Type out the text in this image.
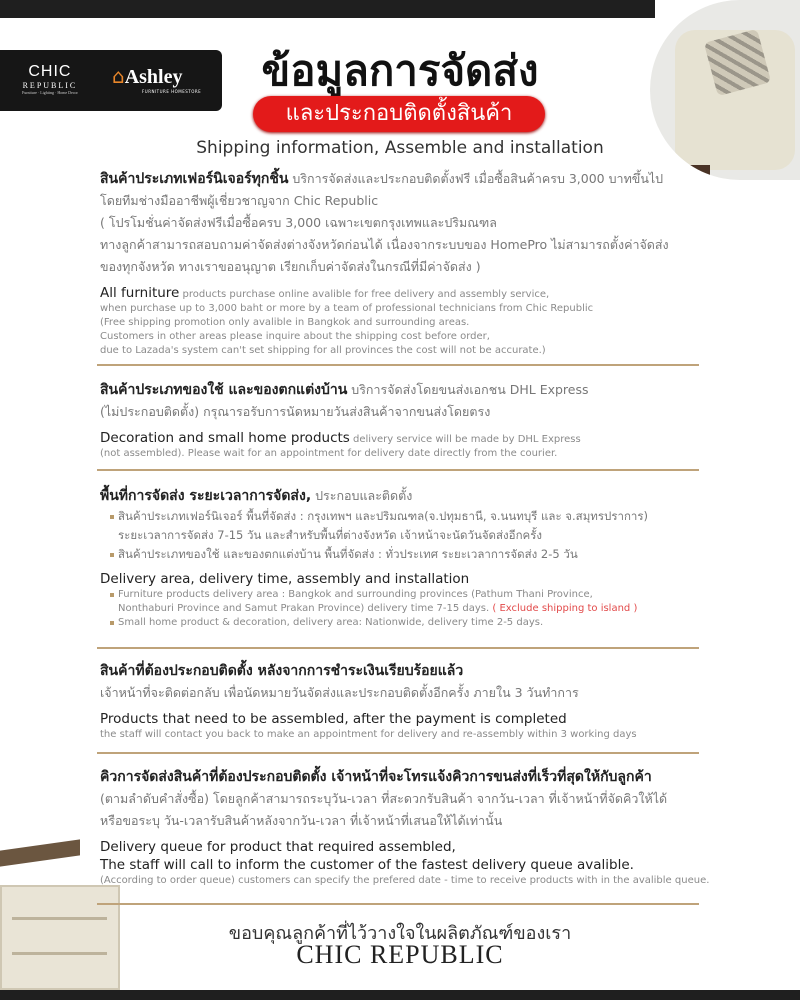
CHIC
REPUBLIC
Furniture · Lighting · Home Decor
⌂Ashley
FURNITURE HOMESTORE	ข้อมูลการจัดส่ง
และประกอบติดตั้งสินค้า
Shipping information, Assemble and installation
สินค้าประเภทเฟอร์นิเจอร์ทุกชิ้น บริการจัดส่งและประกอบติดตั้งฟรี เมื่อซื้อสินค้าครบ 3,000 บาทขึ้นไป
โดยทีมช่างมืออาชีพผู้เชี่ยวชาญจาก Chic Republic
( โปรโมชั่นค่าจัดส่งฟรีเมื่อซื้อครบ 3,000 เฉพาะเขตกรุงเทพและปริมณฑล
ทางลูกค้าสามารถสอบถามค่าจัดส่งต่างจังหวัดก่อนได้ เนื่องจากระบบของ HomePro ไม่สามารถตั้งค่าจัดส่ง
ของทุกจังหวัด ทางเราขออนุญาต เรียกเก็บค่าจัดส่งในกรณีที่มีค่าจัดส่ง )
All furniture products purchase online avalible for free delivery and assembly service,
when purchase up to 3,000 baht or more by a team of professional technicians from Chic Republic
(Free shipping promotion only avalible in Bangkok and surrounding areas.
Customers in other areas please inquire about the shipping cost before order,
due to Lazada's system can't set shipping for all provinces the cost will not be accurate.)
สินค้าประเภทของใช้ และของตกแต่งบ้าน บริการจัดส่งโดยขนส่งเอกชน DHL Express
(ไม่ประกอบติดตั้ง) กรุณารอรับการนัดหมายวันส่งสินค้าจากขนส่งโดยตรง
Decoration and small home products delivery service will be made by DHL Express
(not assembled). Please wait for an appointment for delivery date directly from the courier.
พื้นที่การจัดส่ง ระยะเวลาการจัดส่ง, ประกอบและติดตั้ง
สินค้าประเภทเฟอร์นิเจอร์ พื้นที่จัดส่ง : กรุงเทพฯ และปริมณฑล(จ.ปทุมธานี, จ.นนทบุรี และ จ.สมุทรปราการ)
ระยะเวลาการจัดส่ง 7-15 วัน และสำหรับพื้นที่ต่างจังหวัด เจ้าหน้าจะนัดวันจัดส่งอีกครั้ง
สินค้าประเภทของใช้ และของตกแต่งบ้าน พื้นที่จัดส่ง : ทั่วประเทศ ระยะเวลาการจัดส่ง 2-5 วัน
Delivery area, delivery time, assembly and installation
Furniture products delivery area : Bangkok and surrounding provinces (Pathum Thani Province,
Nonthaburi Province and Samut Prakan Province) delivery time 7-15 days. ( Exclude shipping to island )
Small home product & decoration, delivery area: Nationwide, delivery time 2-5 days.
สินค้าที่ต้องประกอบติดตั้ง หลังจากการชำระเงินเรียบร้อยแล้ว
เจ้าหน้าที่จะติดต่อกลับ เพื่อนัดหมายวันจัดส่งและประกอบติดตั้งอีกครั้ง ภายใน 3 วันทำการ
Products that need to be assembled, after the payment is completed
the staff will contact you back to make an appointment for delivery and re-assembly within 3 working days
คิวการจัดส่งสินค้าที่ต้องประกอบติดตั้ง เจ้าหน้าที่จะโทรแจ้งคิวการขนส่งที่เร็วที่สุดให้กับลูกค้า
(ตามลำดับคำสั่งซื้อ) โดยลูกค้าสามารถระบุวัน-เวลา ที่สะดวกรับสินค้า จากวัน-เวลา ที่เจ้าหน้าที่จัดคิวให้ได้
หรือขอระบุ วัน-เวลารับสินค้าหลังจากวัน-เวลา ที่เจ้าหน้าที่เสนอให้ได้เท่านั้น
Delivery queue for product that required assembled,
The staff will call to inform the customer of the fastest delivery queue avalible.
(According to order queue) customers can specify the prefered date - time to receive products with in the avalible queue.
ขอบคุณลูกค้าที่ไว้วางใจในผลิตภัณฑ์ของเรา
CHIC REPUBLIC
